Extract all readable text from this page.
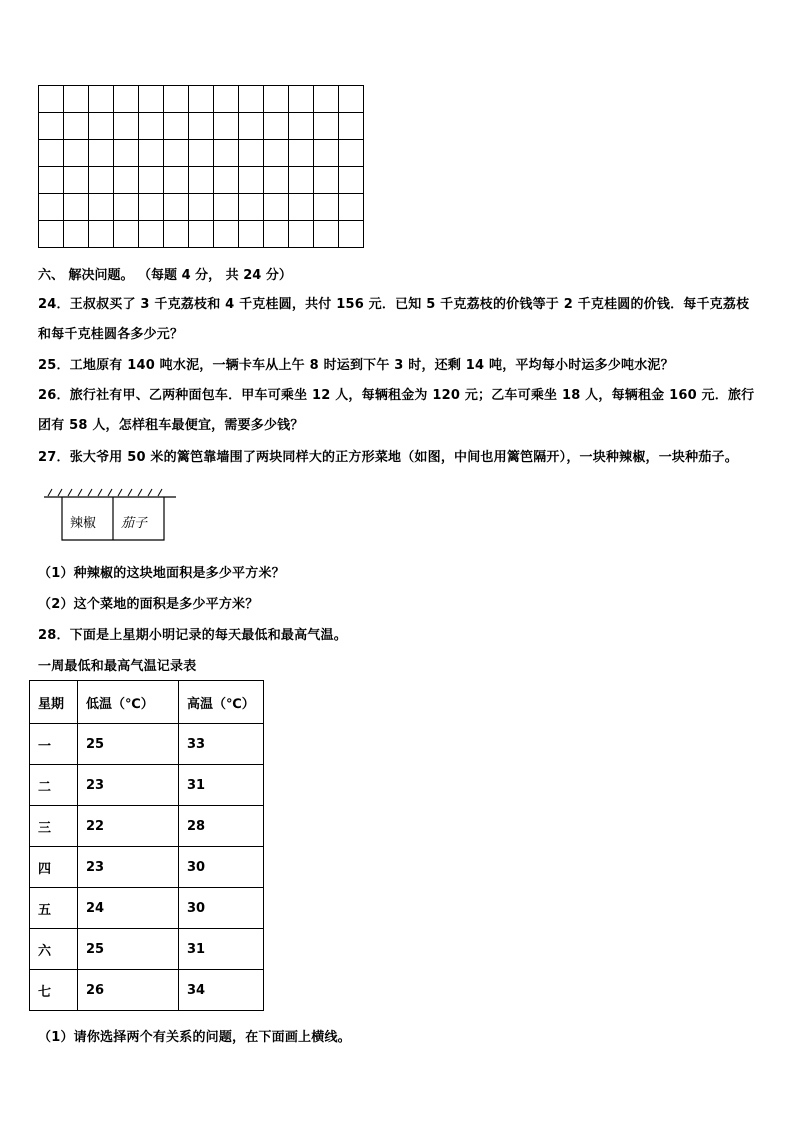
六、 解决问题。 （每题 4 分， 共 24 分）
24．王叔叔买了 3 千克荔枝和 4 千克桂圆，共付 156 元．已知 5 千克荔枝的价钱等于 2 千克桂圆的价钱．每千克荔枝
和每千克桂圆各多少元？
25．工地原有 140 吨水泥，一辆卡车从上午 8 时运到下午 3 时，还剩 14 吨，平均每小时运多少吨水泥？
26．旅行社有甲、乙两种面包车．甲车可乘坐 12 人，每辆租金为 120 元；乙车可乘坐 18 人，每辆租金 160 元．旅行
团有 58 人，怎样租车最便宜，需要多少钱？
27．张大爷用 50 米的篱笆靠墙围了两块同样大的正方形菜地（如图，中间也用篱笆隔开），一块种辣椒，一块种茄子。
辣椒 茄子
（1）种辣椒的这块地面积是多少平方米？
（2）这个菜地的面积是多少平方米？
28．下面是上星期小明记录的每天最低和最高气温。
一周最低和最高气温记录表
星期	低温（℃）	高温（℃）
一	25	33
二	23	31
三	22	28
四	23	30
五	24	30
六	25	31
七	26	34
（1）请你选择两个有关系的问题，在下面画上横线。
